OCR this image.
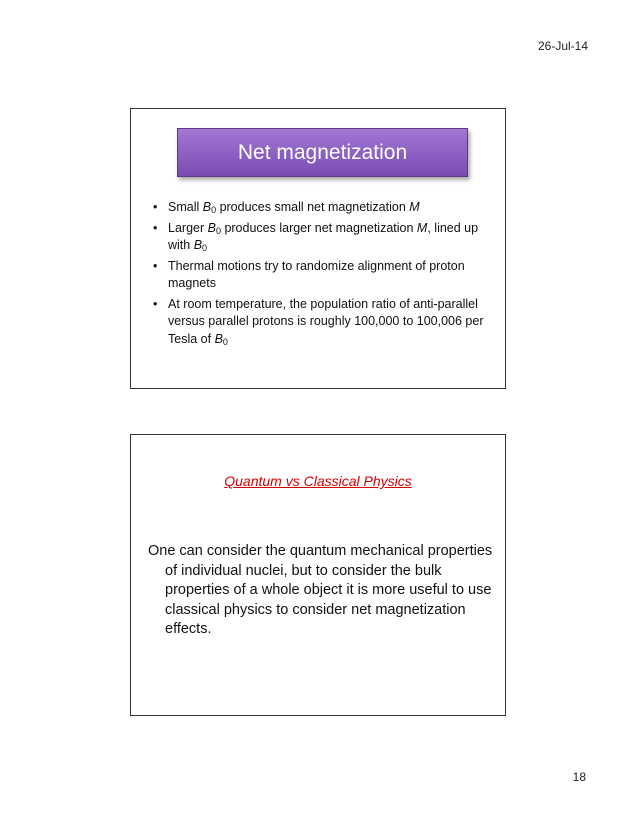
26-Jul-14
Net magnetization
• Small $B_0$ produces small net magnetization M
• Larger $B_0$ produces larger net magnetization M, lined up with $B_0$
• Thermal motions try to randomize alignment of proton magnets
• At room temperature, the population ratio of anti-parallel versus parallel protons is roughly 100,000 to 100,006 per Tesla of $B_0$
Quantum vs Classical Physics
One can consider the quantum mechanical properties of individual nuclei, but to consider the bulk properties of a whole object it is more useful to use classical physics to consider net magnetization effects.
18
